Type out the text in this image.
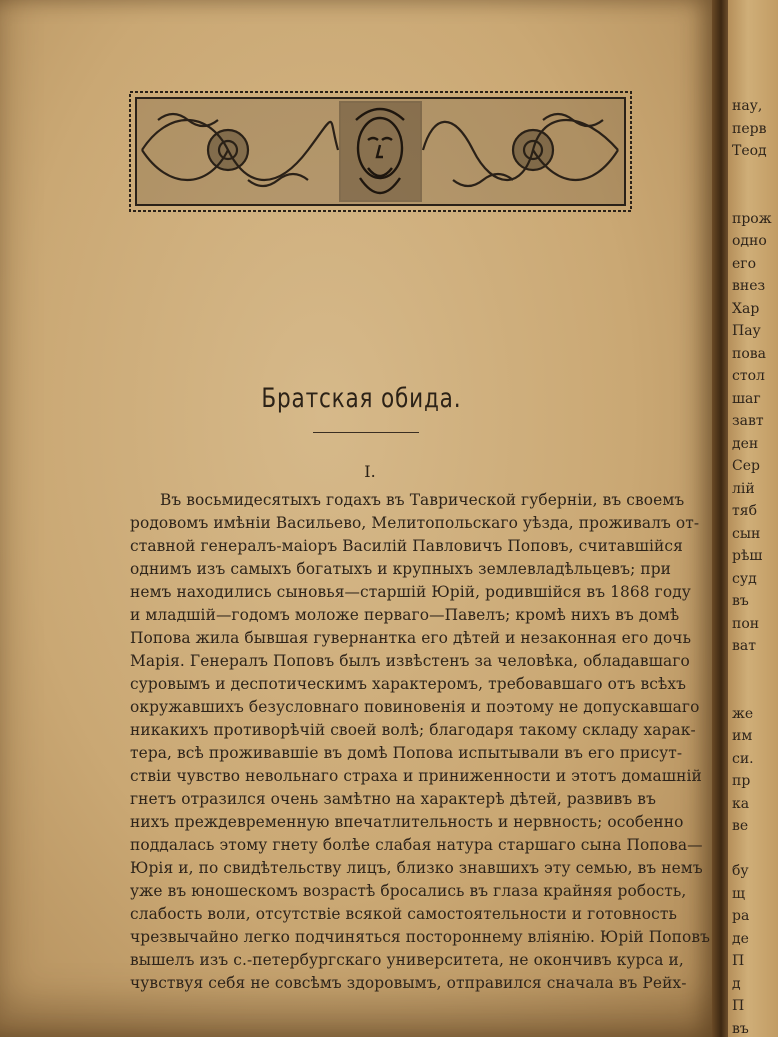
Братская обида.
I.
Въ восьмидесятыхъ годахъ въ Таврической губерніи, въ своемъ
родовомъ имѣніи Васильево, Мелитопольскаго уѣзда, проживалъ от-
ставной генералъ-маіоръ Василій Павловичъ Поповъ, считавшійся
однимъ изъ самыхъ богатыхъ и крупныхъ землевладѣльцевъ; при
немъ находились сыновья—старшій Юрій, родившійся въ 1868 году
и младшій—годомъ моложе перваго—Павелъ; кромѣ нихъ въ домѣ
Попова жила бывшая гувернантка его дѣтей и незаконная его дочь
Марія. Генералъ Поповъ былъ извѣстенъ за человѣка, обладавшаго
суровымъ и деспотическимъ характеромъ, требовавшаго отъ всѣхъ
окружавшихъ безусловнаго повиновенія и поэтому не допускавшаго
никакихъ противорѣчій своей волѣ; благодаря такому складу харак-
тера, всѣ проживавшіе въ домѣ Попова испытывали въ его присут-
ствіи чувство невольнаго страха и приниженности и этотъ домашній
гнетъ отразился очень замѣтно на характерѣ дѣтей, развивъ въ
нихъ преждевременную впечатлительность и нервность; особенно
поддалась этому гнету болѣе слабая натура старшаго сына Попова—
Юрія и, по свидѣтельству лицъ, близко знавшихъ эту семью, въ немъ
уже въ юношескомъ возрастѣ бросались въ глаза крайняя робость,
слабость воли, отсутствіе всякой самостоятельности и готовность
чрезвычайно легко подчиняться постороннему вліянію. Юрій Поповъ
вышелъ изъ с.-петербургскаго университета, не окончивъ курса и,
чувствуя себя не совсѣмъ здоровымъ, отправился сначала въ Рейх-
нау,
перв
Теод
прож
одно
его
внез
Хар
Пау
пова
стол
шаг
завт
ден
Сер
лій
тяб
сын
рѣш
суд
въ
пон
ват
же
им
си.
пр
ка
ве
бу
щ
ра
де
П
д
П
въ
